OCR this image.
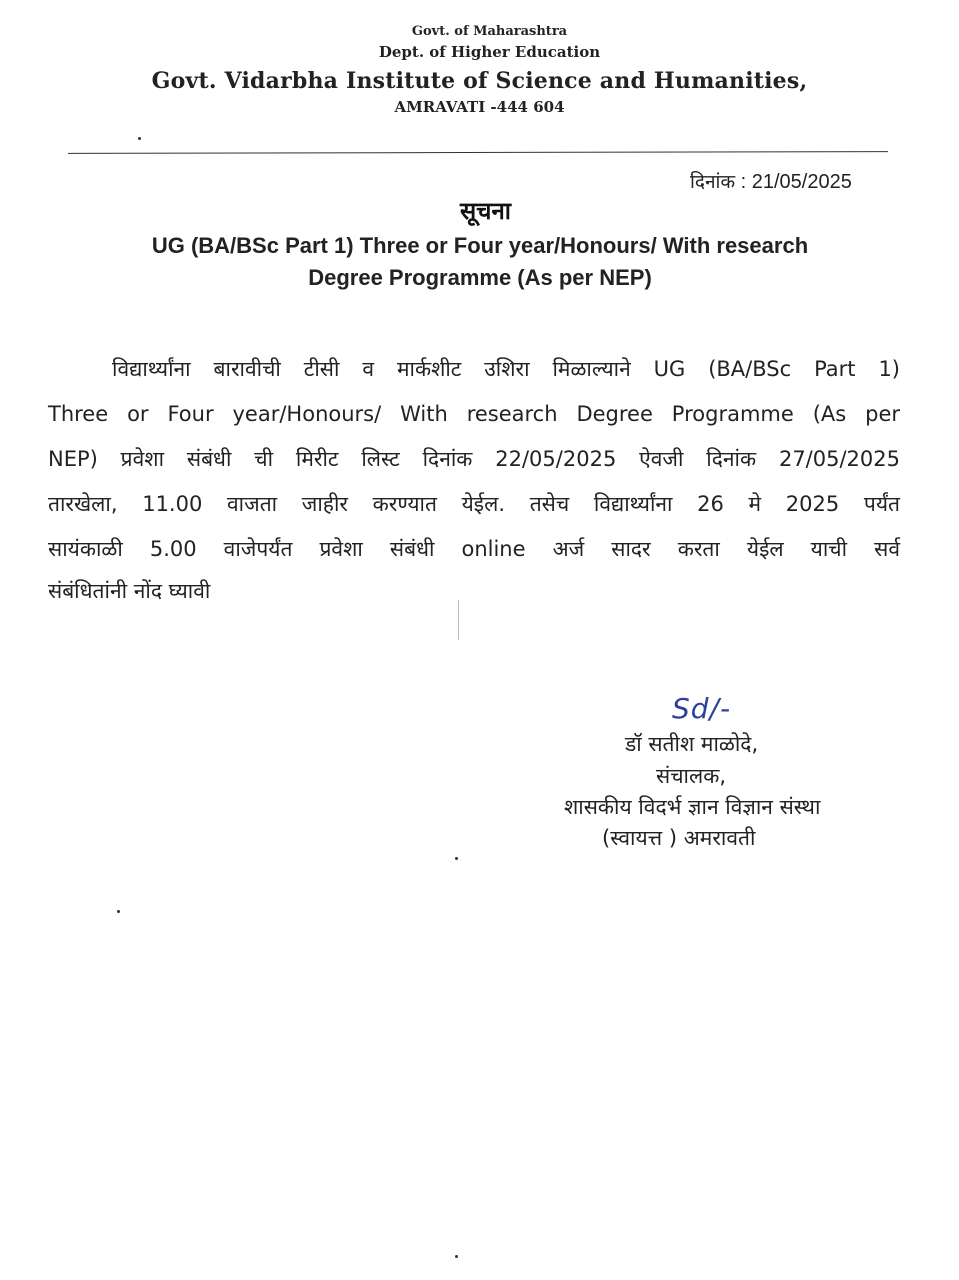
Govt. of Maharashtra
Dept. of Higher Education
Govt. Vidarbha Institute of Science and Humanities,
AMRAVATI -444 604
दिनांक : 21/05/2025
सूचना
UG (BA/BSc Part 1) Three or Four year/Honours/ With research
Degree Programme (As per NEP)
विद्यार्थ्यांना बारावीची टीसी व मार्कशीट उशिरा मिळाल्याने UG (BA/BSc Part 1)
Three or Four year/Honours/ With research Degree Programme (As per
NEP) प्रवेशा संबंधी ची मिरीट लिस्ट दिनांक 22/05/2025 ऐवजी दिनांक 27/05/2025
तारखेला, 11.00 वाजता जाहीर करण्यात येईल. तसेच विद्यार्थ्यांना 26 मे 2025 पर्यंत
सायंकाळी 5.00 वाजेपर्यंत प्रवेशा संबंधी online अर्ज सादर करता येईल याची सर्व
संबंधितांनी नोंद घ्यावी
Sd/-
डॉ सतीश माळोदे,
संचालक,
शासकीय विदर्भ ज्ञान विज्ञान संस्था
(स्वायत्त ) अमरावती
